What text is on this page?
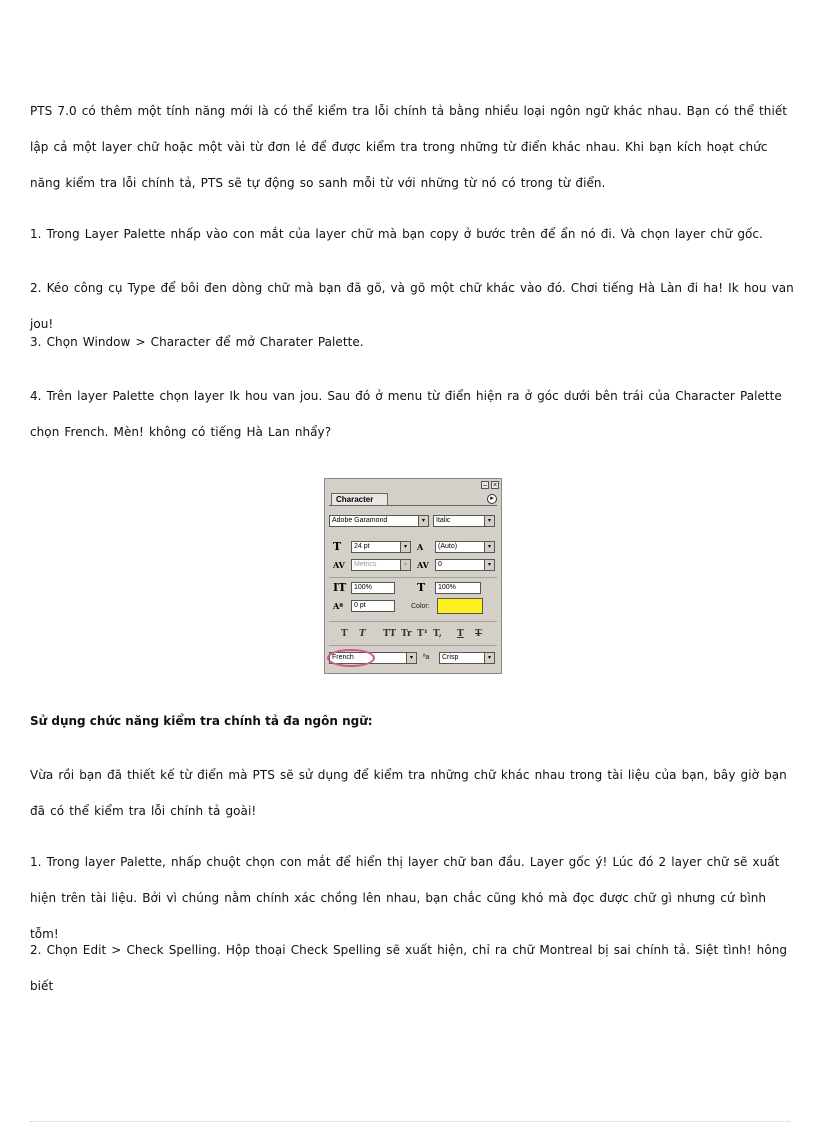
PTS 7.0 có thêm một tính năng mới là có thể kiểm tra lỗi chính tả bằng nhiều loại ngôn ngữ khác nhau. Bạn có thể thiết lập cả một layer chữ hoặc một vài từ đơn lẻ để được kiểm tra trong những từ điển khác nhau. Khi bạn kích hoạt chức năng kiểm tra lỗi chính tả, PTS sẽ tự động so sanh mỗi từ với những từ nó có trong từ điển.

1. Trong Layer Palette nhấp vào con mắt của layer chữ mà bạn copy ở bước trên để ẩn nó đi. Và chọn layer chữ gốc.

2. Kéo công cụ Type để bôi đen dòng chữ mà bạn đã gõ, và gõ một chữ khác vào đó. Chơi tiếng Hà Làn đi ha! Ik hou van jou!

3. Chọn Window > Character để mở Charater Palette.

4. Trên layer Palette chọn layer Ik hou van jou. Sau đó ở menu từ điển hiện ra ở góc dưới bên trái của Character Palette chọn French. Mèn! không có tiếng Hà Lan nhẩy?

– ×
Character	▸
Adobe Garamond	▾	Italic	▾
T	24 pt	▾	A	(Auto)	▾
AV	Metrics	▾	AV	0	▾
IT	100%	T	100%
Aª	0 pt	Color:
T T TT Tr T¹ T, T T
French	▾	ªa	Crisp	▾

Sử dụng chức năng kiểm tra chính tả đa ngôn ngữ:

Vừa rồi bạn đã thiết kế từ điển mà PTS sẽ sử dụng để kiểm tra những chữ khác nhau trong tài liệu của bạn, bây giờ bạn đã có thể kiểm tra lỗi chính tả goài!

1. Trong layer Palette, nhấp chuột chọn con mắt để hiển thị layer chữ ban đầu. Layer gốc ý! Lúc đó 2 layer chữ sẽ xuất hiện trên tài liệu. Bởi vì chúng nằm chính xác chồng lên nhau, bạn chắc cũng khó mà đọc được chữ gì nhưng cứ bình tỗm!

2. Chọn Edit > Check Spelling. Hộp thoại Check Spelling sẽ xuất hiện, chỉ ra chữ Montreal bị sai chính tả. Siệt tình! hông biết
